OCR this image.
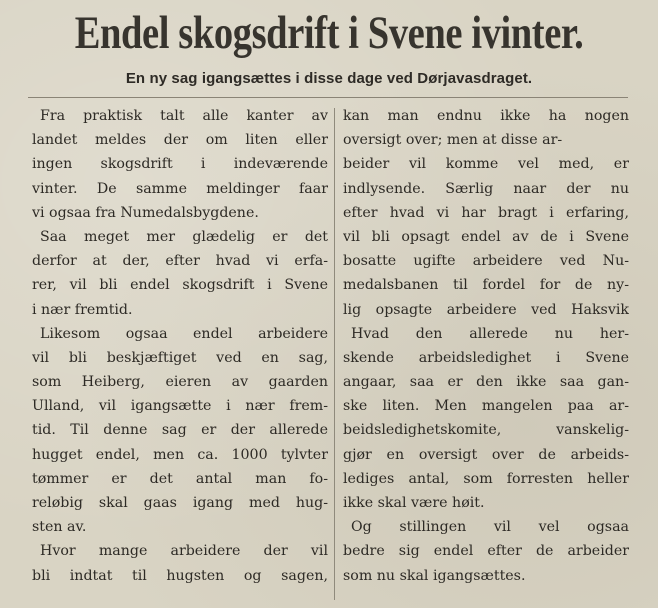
Endel skogsdrift i Svene ivinter.
En ny sag igangsættes i disse dage ved Dørjavasdraget.
Fra praktisk talt alle kanter av
landet meldes der om liten eller
ingen skogsdrift i indeværende
vinter. De samme meldinger faar
vi ogsaa fra Numedalsbygdene.
Saa meget mer glædelig er det
derfor at der, efter hvad vi erfa-
rer, vil bli endel skogsdrift i Svene
i nær fremtid.
Likesom ogsaa endel arbeidere
vil bli beskjæftiget ved en sag,
som Heiberg, eieren av gaarden
Ulland, vil igangsætte i nær frem-
tid. Til denne sag er der allerede
hugget endel, men ca. 1000 tylvter
tømmer er det antal man fo-
reløbig skal gaas igang med hug-
sten av.
Hvor mange arbeidere der vil
bli indtat til hugsten og sagen,
kan man endnu ikke ha nogen
oversigt over; men at disse ar-
beider vil komme vel med, er
indlysende. Særlig naar der nu
efter hvad vi har bragt i erfaring,
vil bli opsagt endel av de i Svene
bosatte ugifte arbeidere ved Nu-
medalsbanen til fordel for de ny-
lig opsagte arbeidere ved Haksvik
Hvad den allerede nu her-
skende arbeidsledighet i Svene
angaar, saa er den ikke saa gan-
ske liten. Men mangelen paa ar-
beidsledighetskomite, vanskelig-
gjør en oversigt over de arbeids-
lediges antal, som forresten heller
ikke skal være høit.
Og stillingen vil vel ogsaa
bedre sig endel efter de arbeider
som nu skal igangsættes.
